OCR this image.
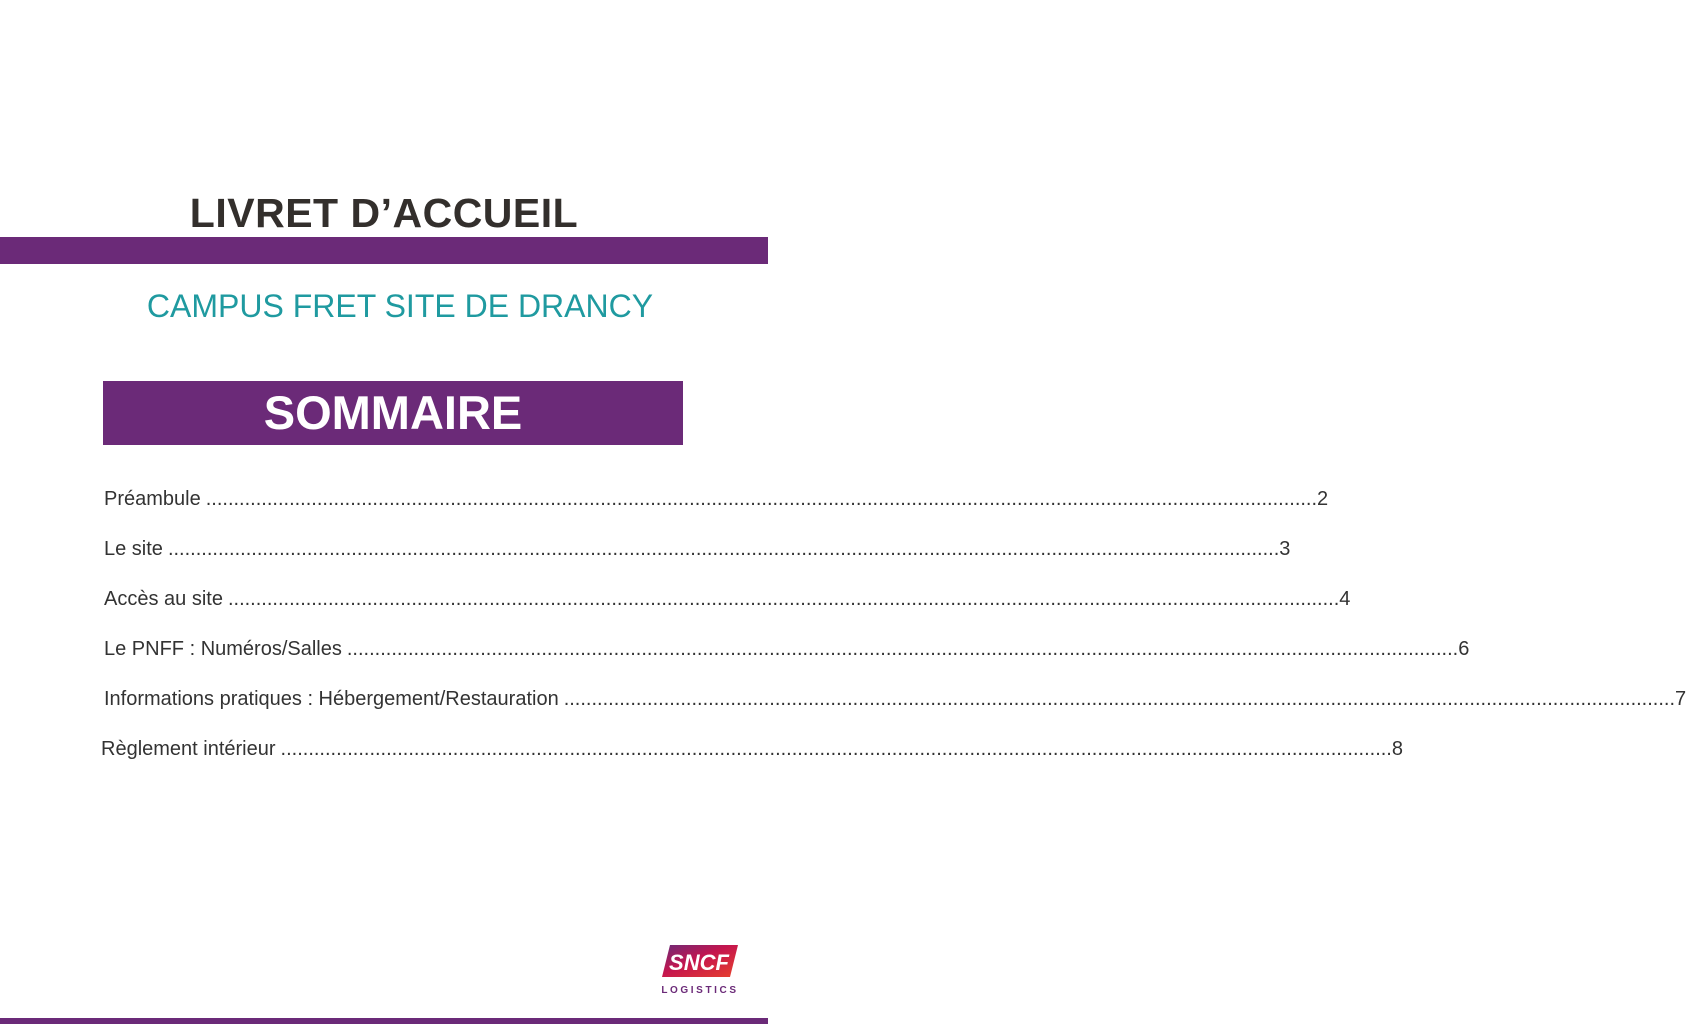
LIVRET D’ACCUEIL
CAMPUS FRET SITE DE DRANCY
SOMMAIRE
Préambule ........................................................................................................................................................................................................ 2
Le site ........................................................................................................................................................................................................ 3
Accès au site ........................................................................................................................................................................................................ 4
Le PNFF : Numéros/Salles ........................................................................................................................................................................................................ 6
Informations pratiques : Hébergement/Restauration ........................................................................................................................................................................................................ 7
Règlement intérieur ........................................................................................................................................................................................................ 8
SNCF
LOGISTICS
